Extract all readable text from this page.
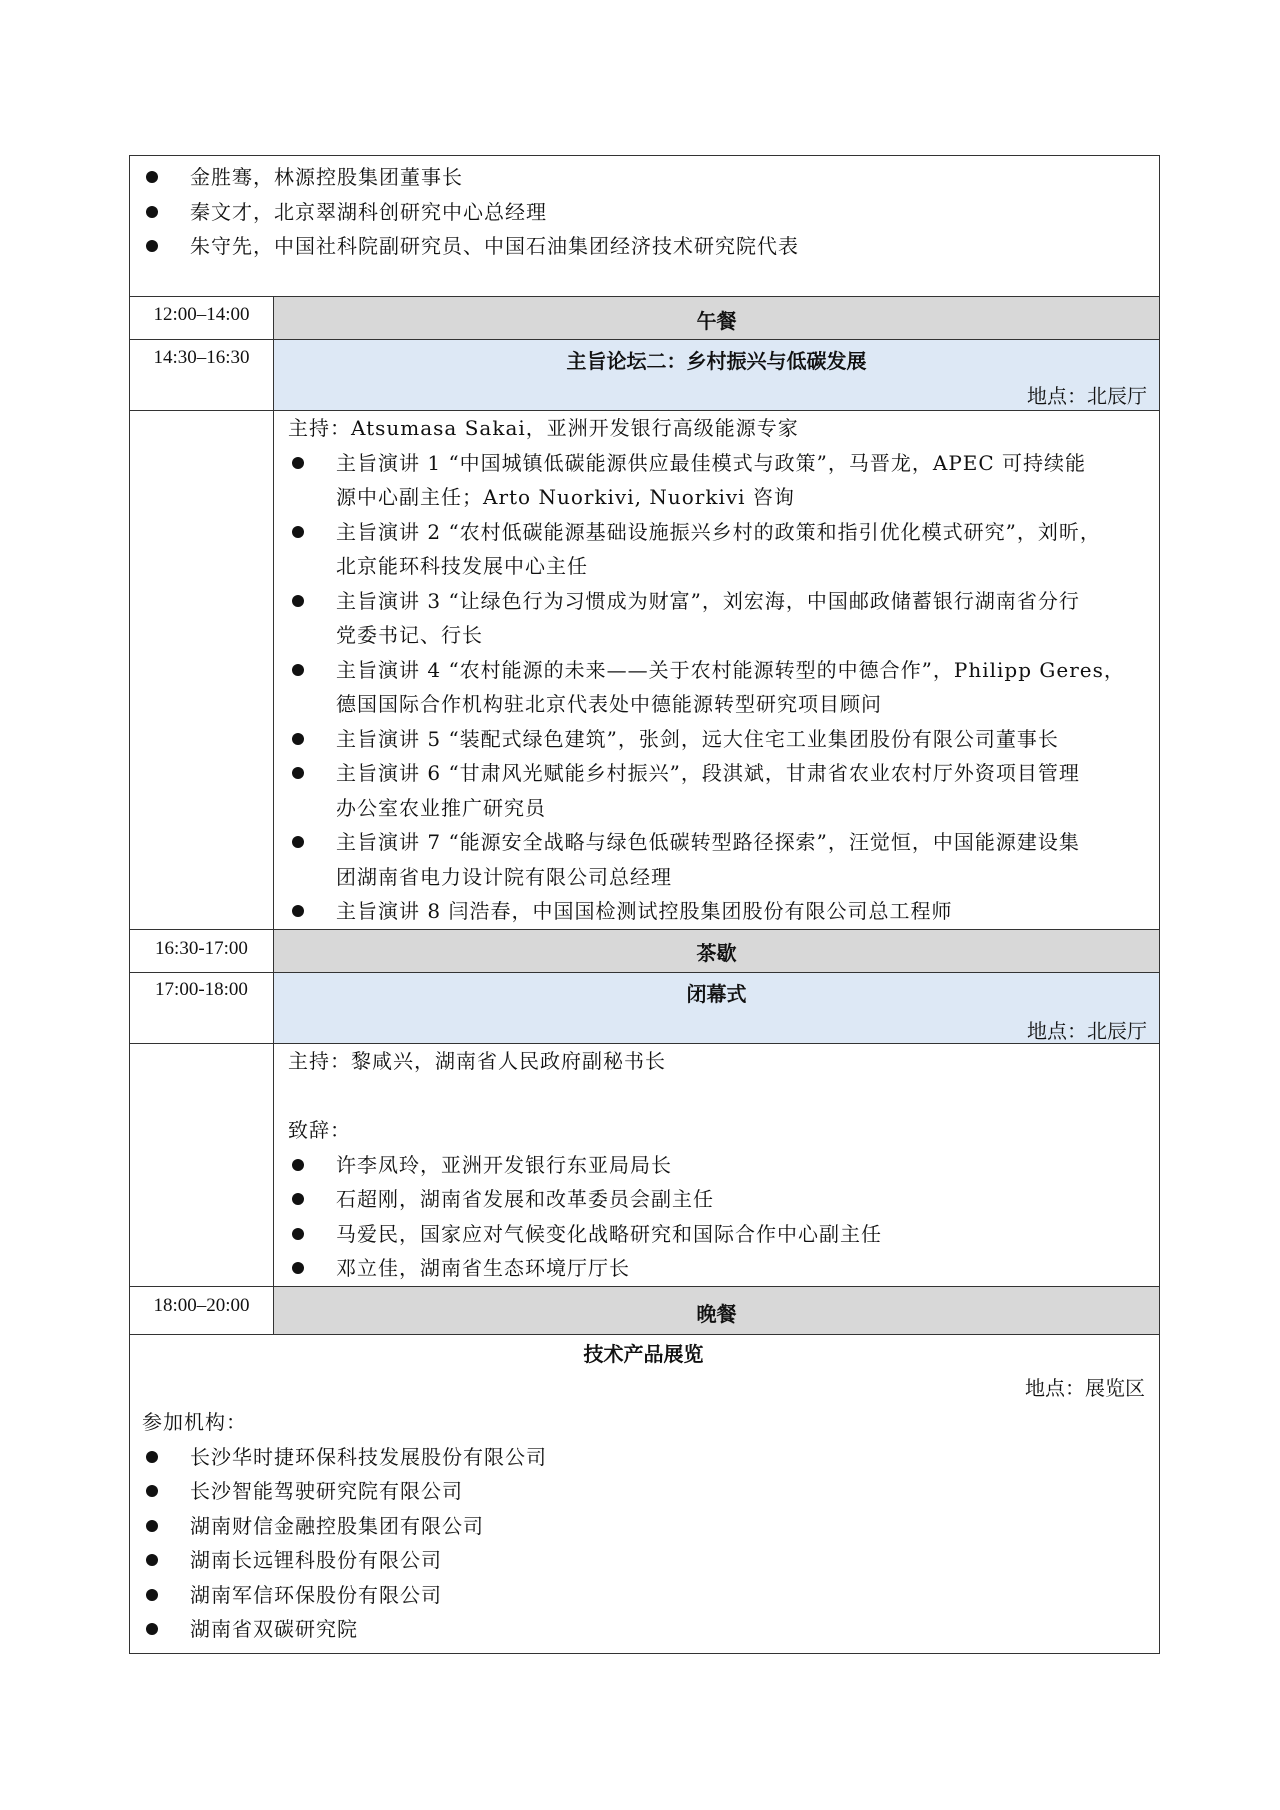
金胜骞，林源控股集团董事长
秦文才，北京翠湖科创研究中心总经理
朱守先，中国社科院副研究员、中国石油集团经济技术研究院代表
12:00–14:00	午餐
14:30–16:30	主旨论坛二：乡村振兴与低碳发展
地点：北辰厅
主持：Atsumasa Sakai，亚洲开发银行高级能源专家
主旨演讲 1 “中国城镇低碳能源供应最佳模式与政策”，马晋龙，APEC 可持续能
源中心副主任；Arto Nuorkivi, Nuorkivi 咨询
主旨演讲 2 “农村低碳能源基础设施振兴乡村的政策和指引优化模式研究”，刘昕，
北京能环科技发展中心主任
主旨演讲 3 “让绿色行为习惯成为财富”，刘宏海，中国邮政储蓄银行湖南省分行
党委书记、行长
主旨演讲 4 “农村能源的未来——关于农村能源转型的中德合作”，Philipp Geres，
德国国际合作机构驻北京代表处中德能源转型研究项目顾问
主旨演讲 5 “装配式绿色建筑”，张剑，远大住宅工业集团股份有限公司董事长
主旨演讲 6 “甘肃风光赋能乡村振兴”，段淇斌，甘肃省农业农村厅外资项目管理
办公室农业推广研究员
主旨演讲 7 “能源安全战略与绿色低碳转型路径探索”，汪觉恒，中国能源建设集
团湖南省电力设计院有限公司总经理
主旨演讲 8 闫浩春，中国国检测试控股集团股份有限公司总工程师
16:30-17:00	茶歇
17:00-18:00	闭幕式
地点：北辰厅
主持：黎咸兴，湖南省人民政府副秘书长

致辞：
许李凤玲，亚洲开发银行东亚局局长
石超刚，湖南省发展和改革委员会副主任
马爱民，国家应对气候变化战略研究和国际合作中心副主任
邓立佳，湖南省生态环境厅厅长
18:00–20:00	晚餐
技术产品展览
地点：展览区
参加机构：
长沙华时捷环保科技发展股份有限公司
长沙智能驾驶研究院有限公司
湖南财信金融控股集团有限公司
湖南长远锂科股份有限公司
湖南军信环保股份有限公司
湖南省双碳研究院
